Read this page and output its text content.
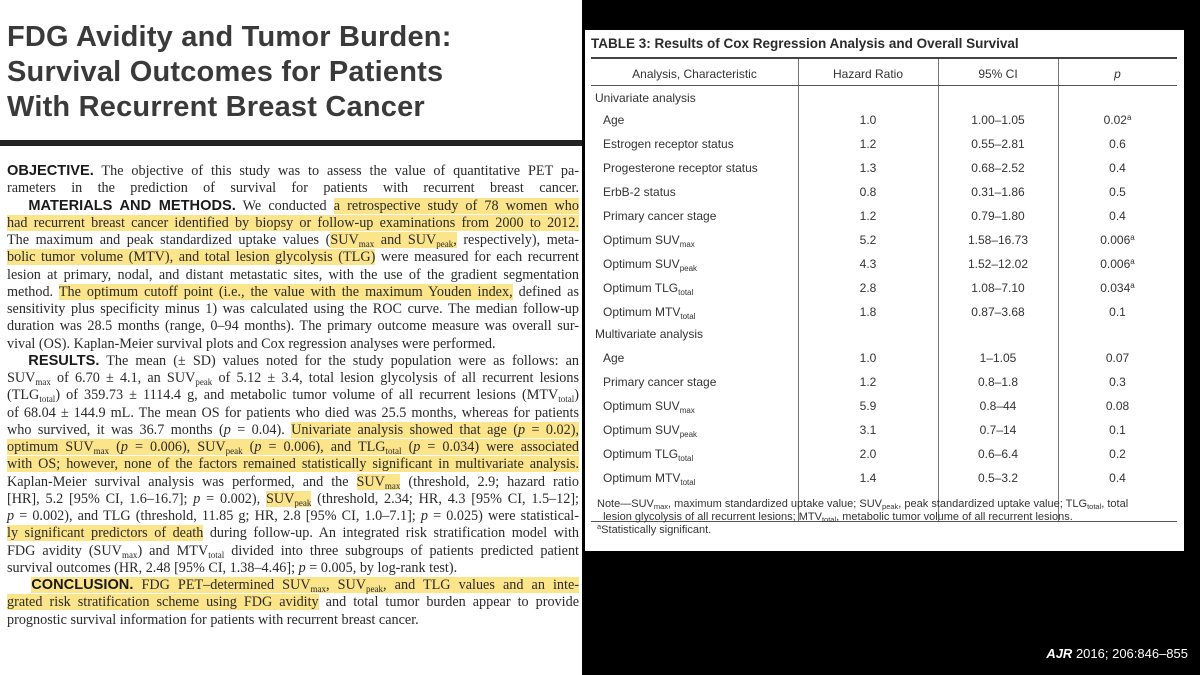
FDG Avidity and Tumor Burden:
Survival Outcomes for Patients
With Recurrent Breast Cancer
OBJECTIVE. The objective of this study was to assess the value of quantitative PET pa-
rameters in the prediction of survival for patients with recurrent breast cancer.
MATERIALS AND METHODS. We conducted a retrospective study of 78 women who
had recurrent breast cancer identified by biopsy or follow-up examinations from 2000 to 2012.
The maximum and peak standardized uptake values ($SUV_{max}$ and $SUV_{peak}$, respectively), meta-
bolic tumor volume (MTV), and total lesion glycolysis (TLG) were measured for each recurrent
lesion at primary, nodal, and distant metastatic sites, with the use of the gradient segmentation
method. The optimum cutoff point (i.e., the value with the maximum Youden index, defined as
sensitivity plus specificity minus 1) was calculated using the ROC curve. The median follow-up
duration was 28.5 months (range, 0–94 months). The primary outcome measure was overall sur-
vival (OS). Kaplan-Meier survival plots and Cox regression analyses were performed.
RESULTS. The mean (± SD) values noted for the study population were as follows: an
$SUV_{max}$ of 6.70 ± 4.1, an $SUV_{peak}$ of 5.12 ± 3.4, total lesion glycolysis of all recurrent lesions
$(TLG_{total})$ of 359.73 ± 1114.4 g, and metabolic tumor volume of all recurrent lesions $(MTV_{total})$
of 68.04 ± 144.9 mL. The mean OS for patients who died was 25.5 months, whereas for patients
who survived, it was 36.7 months (p = 0.04). Univariate analysis showed that age (p = 0.02),
optimum $SUV_{max}$ (p = 0.006), $SUV_{peak}$ (p = 0.006), and $TLG_{total}$ (p = 0.034) were associated
with OS; however, none of the factors remained statistically significant in multivariate analysis.
Kaplan-Meier survival analysis was performed, and the $SUV_{max}$ (threshold, 2.9; hazard ratio
[HR], 5.2 [95% CI, 1.6–16.7]; p = 0.002), $SUV_{peak}$ (threshold, 2.34; HR, 4.3 [95% CI, 1.5–12];
p = 0.002), and TLG (threshold, 11.85 g; HR, 2.8 [95% CI, 1.0–7.1]; p = 0.025) were statistical-
ly significant predictors of death during follow-up. An integrated risk stratification model with
FDG avidity $(SUV_{max})$ and $MTV_{total}$ divided into three subgroups of patients predicted patient
survival outcomes (HR, 2.48 [95% CI, 1.38–4.46]; p = 0.005, by log-rank test).
CONCLUSION. FDG PET–determined $SUV_{max}$, $SUV_{peak}$, and TLG values and an inte-
grated risk stratification scheme using FDG avidity and total tumor burden appear to provide
prognostic survival information for patients with recurrent breast cancer.
TABLE 3: Results of Cox Regression Analysis and Overall Survival
Analysis, Characteristic	Hazard Ratio	95% CI	p
Univariate analysis
Age	1.0	1.00–1.05	0.02$^a$
Estrogen receptor status	1.2	0.55–2.81	0.6
Progesterone receptor status	1.3	0.68–2.52	0.4
ErbB-2 status	0.8	0.31–1.86	0.5
Primary cancer stage	1.2	0.79–1.80	0.4
Optimum $SUV_{max}$	5.2	1.58–16.73	0.006$^a$
Optimum $SUV_{peak}$	4.3	1.52–12.02	0.006$^a$
Optimum $TLG_{total}$	2.8	1.08–7.10	0.034$^a$
Optimum $MTV_{total}$	1.8	0.87–3.68	0.1
Multivariate analysis
Age	1.0	1–1.05	0.07
Primary cancer stage	1.2	0.8–1.8	0.3
Optimum $SUV_{max}$	5.9	0.8–44	0.08
Optimum $SUV_{peak}$	3.1	0.7–14	0.1
Optimum $TLG_{total}$	2.0	0.6–6.4	0.2
Optimum $MTV_{total}$	1.4	0.5–3.2	0.4
$Note—SUV_{max}$, maximum standardized uptake value; $SUV_{peak}$, peak standardized uptake value; $TLG_{total}$, total
lesion glycolysis of all recurrent lesions; $MTV_{total}$, metabolic tumor volume of all recurrent lesions.
$^a$Statistically significant.
AJR 2016; 206:846–855
